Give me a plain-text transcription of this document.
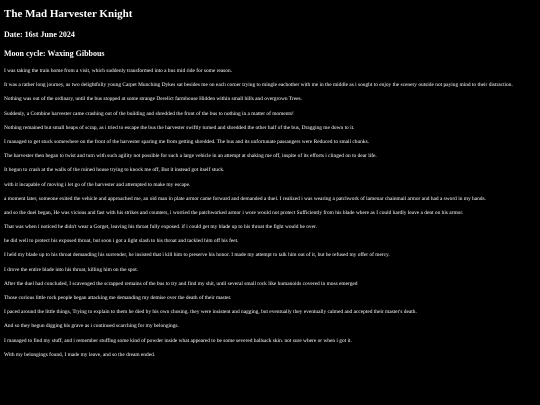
The Mad Harvester Knight
Date: 16st June 2024
Moon cycle: Waxing Gibbous

I was taking the train home from a visit, which suddenly transformed into a bus mid ride for some reason.

It was a rather long journey, as two delightfully young Carpet Munching Dykes sat besides me on each corner trying to mingle eachother with me in the middle as i sought to enjoy the scenery outside not paying mind to their distraction.

Nothing was out of the ordinary, until the bus stopped at some strange Derelict farmhouse Hidden within small hills and overgrown Trees.

Suddenly, a Combine harvester came crashing out of the building and shredded the front of the bus to nothing in a matter of moments!

Nothing remained but small heaps of scrap, as i tried to escape the bus the harvester swiftly turned and shredded the other half of the bus, Dragging me down to it.

I managed to get stuck somewhere on the front of the harvester sparing me from getting shredded. The bus and its unfortunate passangers were Reduced to small chunks.

The harvester then began to twist and turn with such agility not possible for such a large vehicle in an attempt at shaking me off, inspite of its efforts i clinged on to dear life.

It begun to crash at the walls of the ruined house trying to knock me off, But it instead got itself stuck.

with it incapable of moving i let go of the harvester and attempted to make my escape.

a moment later, someone exited the vehicle and approached me, an old man in plate armor came forward and demanded a duel. I realized i was wearing a patchwork of lamenar chainmail armor and had a sword in my hands.

and so the duel began, He was vicious and fast with his strikes and counters, i worried the patchworked armor i wore would not protect Sufficiently from his blade where as I could hardly leave a dent on his armor.

That was when i noticed he didn't wear a Gorget, leaving his throat fully exposed. if i could get my blade up to his throat the fight would be over.

he did well to protect his exposed throat, but soon i got a light slash to his throat and tackled him off his feet.

I held my blade up to his throat demanding his surrender, he insisted that i kill him to preserve his honor. I made my attempt to talk him out of it, but he refused my offer of mercy.

I drove the entire blade into his throat, killing him on the spot.

After the duel had concluded, I scavenged the scrapped remains of the bus to try and find my shit, until several small rock like humanoids covered in moss emerged

Those curious little rock people began attacking me demanding my demise over the death of their master.

I paced around the little things, Trying to explain to them he died by his own chosing. they were insistent and nagging, but eventually they eventually calmed and accepted their master's death.

And so they begun digging his grave as i continued scarching for my belongings.

I managed to find my stuff, and i remember stuffing some kind of powder inside what appeared to be some severed ballsack skin. not sure where or when i got it.

With my belongings found, I made my leave, and so the dream ended.
